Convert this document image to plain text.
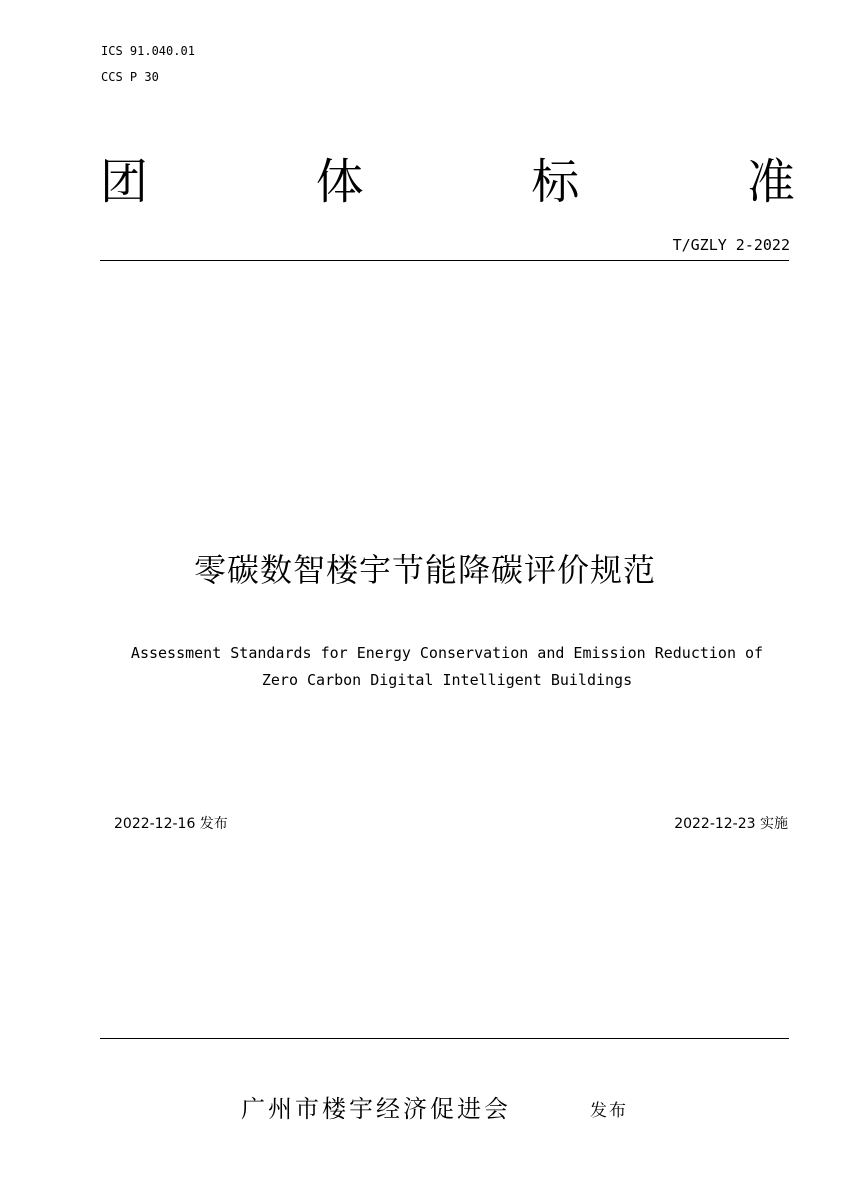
ICS 91.040.01
CCS P 30
团	体	标	准
T/GZLY 2-2022
零碳数智楼宇节能降碳评价规范
Assessment Standards for Energy Conservation and Emission Reduction of
Zero Carbon Digital Intelligent Buildings
2022-12-16 发布	2022-12-23 实施
广州市楼宇经济促进会	发布
